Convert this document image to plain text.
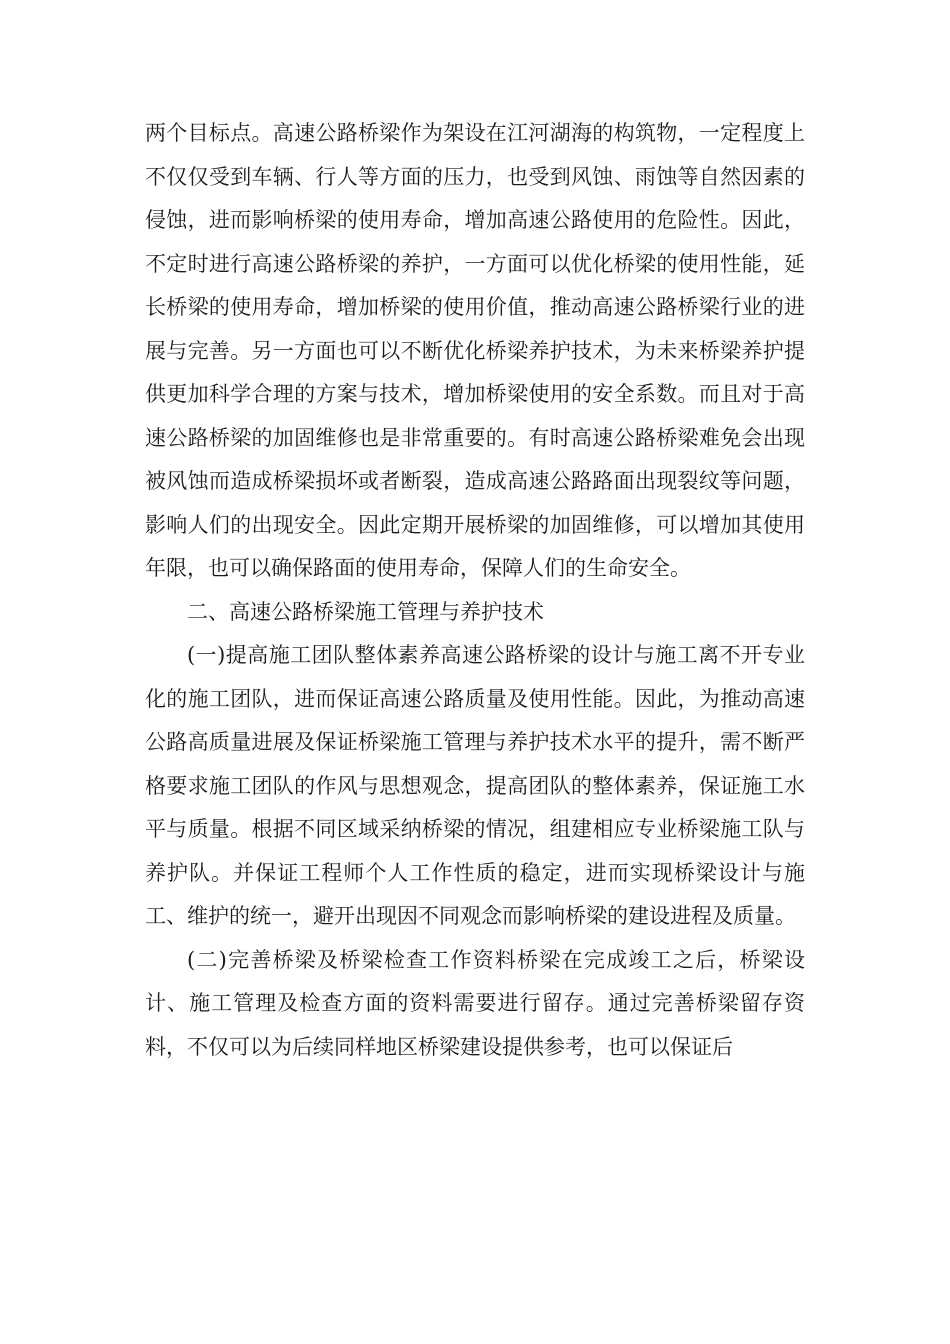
两个目标点。高速公路桥梁作为架设在江河湖海的构筑物，一定程度上不仅仅受到车辆、行人等方面的压力，也受到风蚀、雨蚀等自然因素的侵蚀，进而影响桥梁的使用寿命，增加高速公路使用的危险性。因此，不定时进行高速公路桥梁的养护，一方面可以优化桥梁的使用性能，延长桥梁的使用寿命，增加桥梁的使用价值，推动高速公路桥梁行业的进展与完善。另一方面也可以不断优化桥梁养护技术，为未来桥梁养护提供更加科学合理的方案与技术，增加桥梁使用的安全系数。而且对于高速公路桥梁的加固维修也是非常重要的。有时高速公路桥梁难免会出现被风蚀而造成桥梁损坏或者断裂，造成高速公路路面出现裂纹等问题，影响人们的出现安全。因此定期开展桥梁的加固维修，可以增加其使用年限，也可以确保路面的使用寿命，保障人们的生命安全。

二、高速公路桥梁施工管理与养护技术

(一)提高施工团队整体素养高速公路桥梁的设计与施工离不开专业化的施工团队，进而保证高速公路质量及使用性能。因此，为推动高速公路高质量进展及保证桥梁施工管理与养护技术水平的提升，需不断严格要求施工团队的作风与思想观念，提高团队的整体素养，保证施工水平与质量。根据不同区域采纳桥梁的情况，组建相应专业桥梁施工队与养护队。并保证工程师个人工作性质的稳定，进而实现桥梁设计与施工、维护的统一，避开出现因不同观念而影响桥梁的建设进程及质量。

(二)完善桥梁及桥梁检查工作资料桥梁在完成竣工之后，桥梁设计、施工管理及检查方面的资料需要进行留存。通过完善桥梁留存资料，不仅可以为后续同样地区桥梁建设提供参考，也可以保证后
